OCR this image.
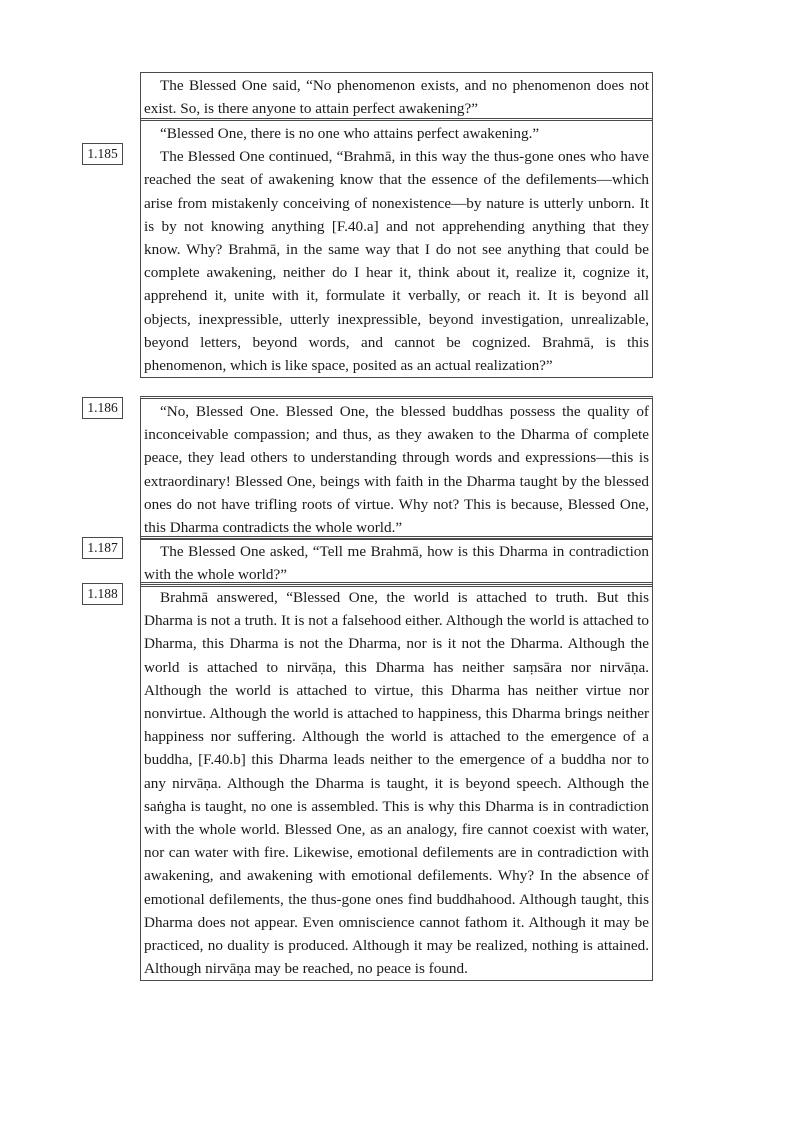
The Blessed One said, “No phenomenon exists, and no phenomenon does not exist. So, is there anyone to attain perfect awakening?”

“Blessed One, there is no one who attains perfect awakening.”

The Blessed One continued, “Brahmā, in this way the thus-gone ones who have reached the seat of awakening know that the essence of the defilements—which arise from mistakenly conceiving of nonexistence—by nature is utterly unborn. It is by not knowing anything [F.40.a] and not apprehending anything that they know. Why? Brahmā, in the same way that I do not see anything that could be complete awakening, neither do I hear it, think about it, realize it, cognize it, apprehend it, unite with it, formulate it verbally, or reach it. It is beyond all objects, inexpressible, utterly inexpressible, beyond investigation, unrealizable, beyond letters, beyond words, and cannot be cognized. Brahmā, is this phenomenon, which is like space, posited as an actual realization?”

1.185

“No, Blessed One. Blessed One, the blessed buddhas possess the quality of inconceivable compassion; and thus, as they awaken to the Dharma of complete peace, they lead others to understanding through words and expressions—this is extraordinary! Blessed One, beings with faith in the Dharma taught by the blessed ones do not have trifling roots of virtue. Why not? This is because, Blessed One, this Dharma contradicts the whole world.”

1.186

The Blessed One asked, “Tell me Brahmā, how is this Dharma in contradiction with the whole world?”

1.187

Brahmā answered, “Blessed One, the world is attached to truth. But this Dharma is not a truth. It is not a falsehood either. Although the world is attached to Dharma, this Dharma is not the Dharma, nor is it not the Dharma. Although the world is attached to nirvāṇa, this Dharma has neither saṃsāra nor nirvāṇa. Although the world is attached to virtue, this Dharma has neither virtue nor nonvirtue. Although the world is attached to happiness, this Dharma brings neither happiness nor suffering. Although the world is attached to the emergence of a buddha, [F.40.b] this Dharma leads neither to the emergence of a buddha nor to any nirvāṇa. Although the Dharma is taught, it is beyond speech. Although the saṅgha is taught, no one is assembled. This is why this Dharma is in contradiction with the whole world. Blessed One, as an analogy, fire cannot coexist with water, nor can water with fire. Likewise, emotional defilements are in contradiction with awakening, and awakening with emotional defilements. Why? In the absence of emotional defilements, the thus-gone ones find buddhahood. Although taught, this Dharma does not appear. Even omniscience cannot fathom it. Although it may be practiced, no duality is produced. Although it may be realized, nothing is attained. Although nirvāṇa may be reached, no peace is found.

1.188
